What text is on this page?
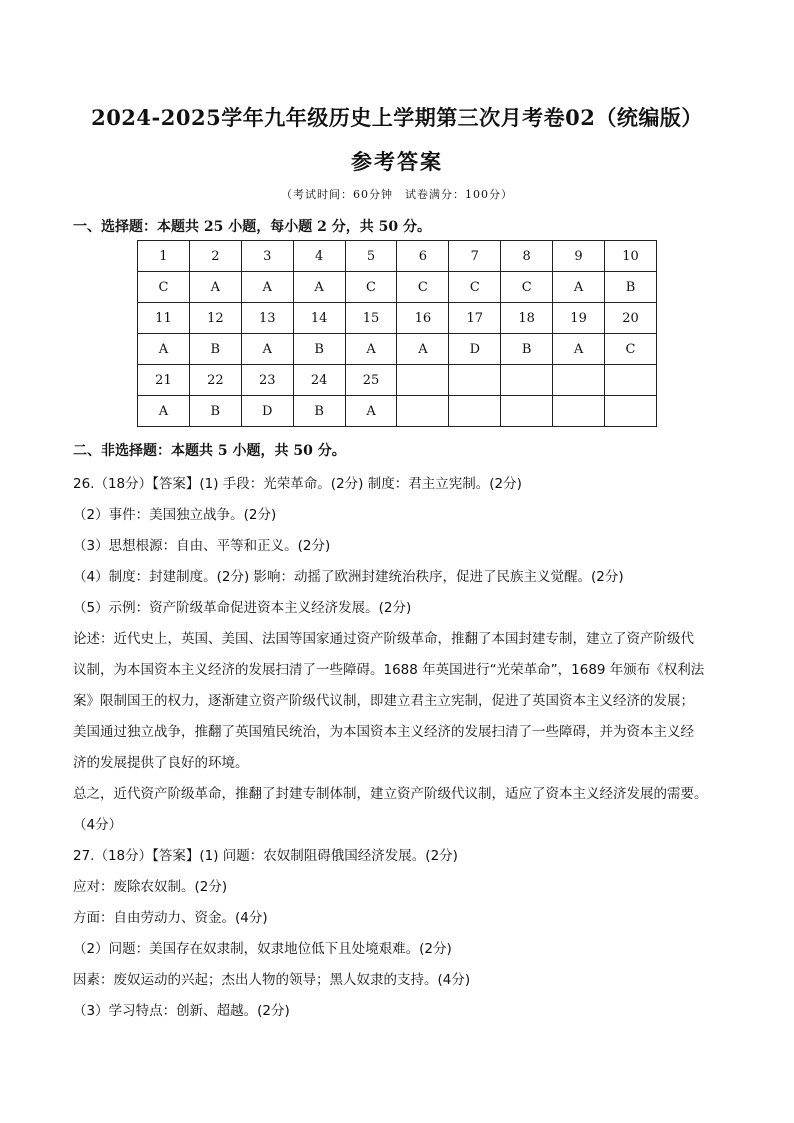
2024-2025学年九年级历史上学期第三次月考卷02（统编版）
参考答案
（考试时间：60分钟　试卷满分：100分）
一、选择题：本题共 25 小题，每小题 2 分，共 50 分。
1	2	3	4	5	6	7	8	9	10
C	A	A	A	C	C	C	C	A	B
11	12	13	14	15	16	17	18	19	20
A	B	A	B	A	A	D	B	A	C
21	22	23	24	25					
A	B	D	B	A					
二、非选择题：本题共 5 小题，共 50 分。
26.（18分）【答案】(1) 手段：光荣革命。(2分) 制度：君主立宪制。(2分)
（2）事件：美国独立战争。(2分)
（3）思想根源：自由、平等和正义。(2分)
（4）制度：封建制度。(2分) 影响：动摇了欧洲封建统治秩序，促进了民族主义觉醒。(2分)
（5）示例：资产阶级革命促进资本主义经济发展。(2分)
论述：近代史上，英国、美国、法国等国家通过资产阶级革命，推翻了本国封建专制，建立了资产阶级代
议制，为本国资本主义经济的发展扫清了一些障碍。1688 年英国进行“光荣革命”，1689 年颁布《权利法
案》限制国王的权力，逐渐建立资产阶级代议制，即建立君主立宪制，促进了英国资本主义经济的发展；
美国通过独立战争，推翻了英国殖民统治，为本国资本主义经济的发展扫清了一些障碍，并为资本主义经
济的发展提供了良好的环境。
总之，近代资产阶级革命，推翻了封建专制体制，建立资产阶级代议制，适应了资本主义经济发展的需要。
（4分）
27.（18分）【答案】(1) 问题：农奴制阻碍俄国经济发展。(2分)
应对：废除农奴制。(2分)
方面：自由劳动力、资金。(4分)
（2）问题：美国存在奴隶制，奴隶地位低下且处境艰难。(2分)
因素：废奴运动的兴起；杰出人物的领导；黑人奴隶的支持。(4分)
（3）学习特点：创新、超越。(2分)
